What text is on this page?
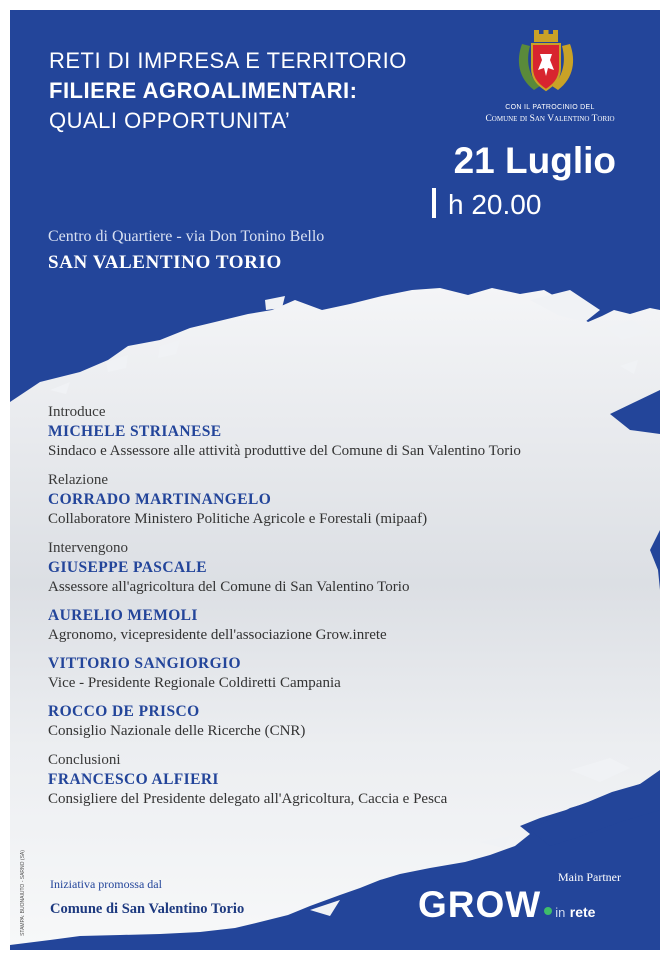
RETI DI IMPRESA E TERRITORIO
FILIERE AGROALIMENTARI:
QUALI OPPORTUNITA’
CON IL PATROCINIO DEL
Comune di San Valentino Torio
21 Luglio
h 20.00
Centro di Quartiere - via Don Tonino Bello
SAN VALENTINO TORIO
Introduce
MICHELE STRIANESE
Sindaco e Assessore alle attività produttive del Comune di San Valentino Torio
Relazione
CORRADO MARTINANGELO
Collaboratore Ministero Politiche Agricole e Forestali (mipaaf)
Intervengono
GIUSEPPE PASCALE
Assessore all'agricoltura del Comune di San Valentino Torio
AURELIO MEMOLI
Agronomo, vicepresidente dell'associazione Grow.inrete
VITTORIO SANGIORGIO
Vice - Presidente Regionale Coldiretti Campania
ROCCO DE PRISCO
Consiglio Nazionale delle Ricerche (CNR)
Conclusioni
FRANCESCO ALFIERI
Consigliere del Presidente delegato all'Agricoltura, Caccia e Pesca
STAMPA: BUONAIUTO - SARNO (SA) Iniziativa promossa dal
Comune di San Valentino Torio
Main Partner
GROW in rete
